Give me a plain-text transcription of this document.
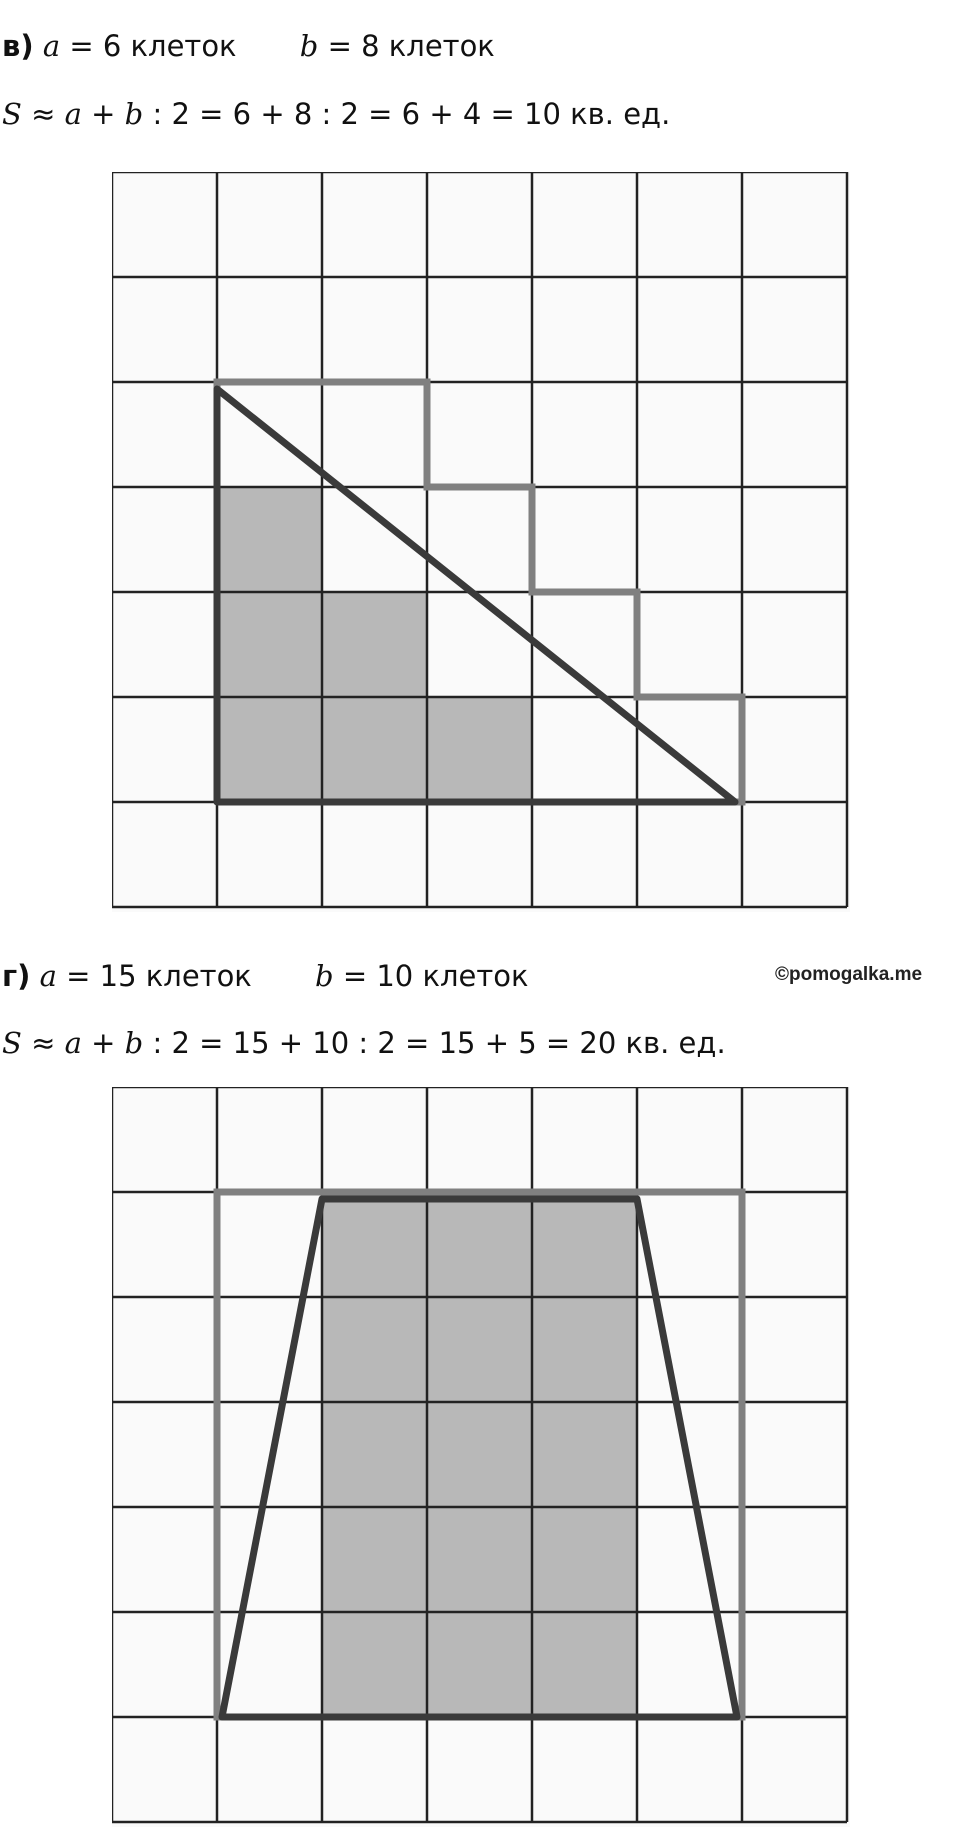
в) a = 6 клеток b = 8 клеток
S ≈ a + b : 2 = 6 + 8 : 2 = 6 + 4 = 10 кв. ед.
г) a = 15 клеток b = 10 клеток	©pomogalka.me
S ≈ a + b : 2 = 15 + 10 : 2 = 15 + 5 = 20 кв. ед.
